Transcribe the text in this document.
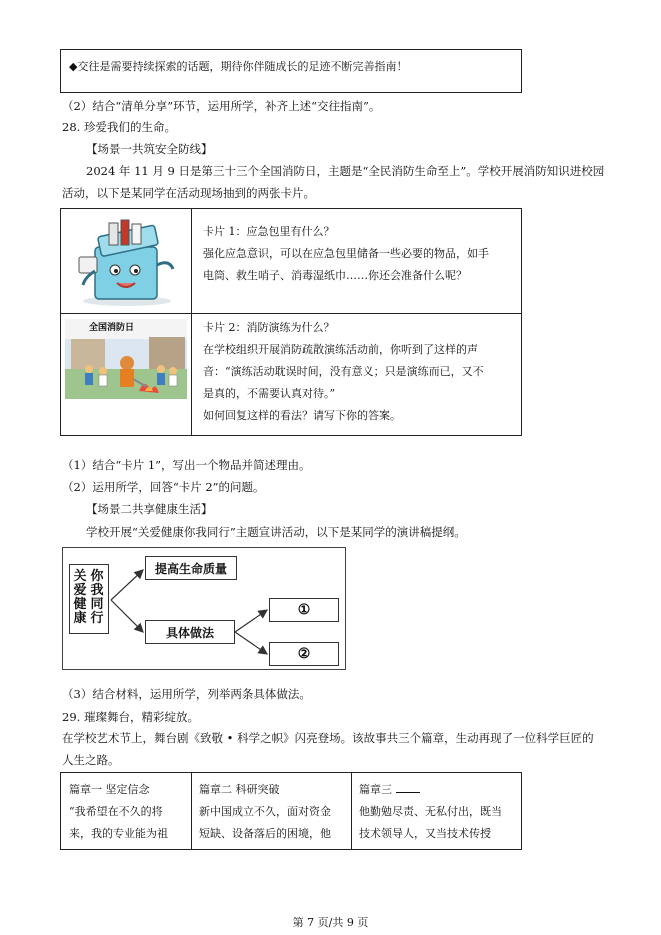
◆交往是需要持续探索的话题，期待你伴随成长的足迹不断完善指南！
（2）结合“清单分享”环节，运用所学，补齐上述“交往指南”。
28. 珍爱我们的生命。
【场景一共筑安全防线】
2024 年 11 月 9 日是第三十三个全国消防日，主题是“全民消防生命至上”。学校开展消防知识进校园
活动，以下是某同学在活动现场抽到的两张卡片。
卡片 1：应急包里有什么？
强化应急意识，可以在应急包里储备一些必要的物品，如手
电筒、救生哨子、消毒湿纸巾……你还会准备什么呢？
全国消防日	卡片 2：消防演练为什么？
在学校组织开展消防疏散演练活动前，你听到了这样的声
音：“演练活动耽误时间，没有意义；只是演练而已，又不
是真的，不需要认真对待。”
如何回复这样的看法？请写下你的答案。
（1）结合“卡片 1”，写出一个物品并简述理由。
（2）运用所学，回答“卡片 2”的问题。
【场景二共享健康生活】
学校开展“关爱健康你我同行”主题宣讲活动，以下是某同学的演讲稿提纲。
关
爱
健
康
你
我
同
行
提高生命质量
具体做法
①
②
（3）结合材料，运用所学，列举两条具体做法。
29. 璀璨舞台，精彩绽放。
在学校艺术节上，舞台剧《致敬 • 科学之帜》闪亮登场。该故事共三个篇章，生动再现了一位科学巨匠的
人生之路。
篇章一 坚定信念
“我希望在不久的将
来，我的专业能为祖
篇章二 科研突破
新中国成立不久，面对资金
短缺、设备落后的困境，他
篇章三
他勤勉尽责、无私付出，既当
技术领导人，又当技术传授
第 7 页/共 9 页
